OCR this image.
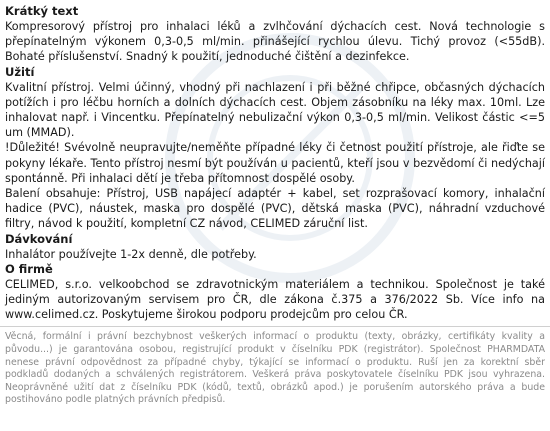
Krátký text

Kompresorový přístroj pro inhalaci léků a zvlhčování dýchacích cest. Nová technologie s přepínatelným výkonem 0,3-0,5 ml/min. přinášející rychlou úlevu. Tichý provoz (<55dB). Bohaté příslušenství. Snadný k použití, jednoduché čištění a dezinfekce.

Užití

Kvalitní přístroj. Velmi účinný, vhodný při nachlazení i při běžné chřipce, občasných dýchacích potížích i pro léčbu horních a dolních dýchacích cest. Objem zásobníku na léky max. 10ml. Lze inhalovat např. i Vincentku. Přepínatelný nebulizační výkon 0,3-0,5 ml/min. Velikost částic <=5 um (MMAD).
!Důležité! Svévolně neupravujte/neměňte případné léky či četnost použití přístroje, ale řiďte se pokyny lékaře. Tento přístroj nesmí být používán u pacientů, kteří jsou v bezvědomí či nedýchají spontánně. Při inhalaci dětí je třeba přítomnost dospělé osoby.
Balení obsahuje: Přístroj, USB napájecí adaptér + kabel, set rozprašovací komory, inhalační hadice (PVC), náustek, maska pro dospělé (PVC), dětská maska (PVC), náhradní vzduchové filtry, návod k použití, kompletní CZ návod, CELIMED záruční list.

Dávkování

Inhalátor používejte 1-2x denně, dle potřeby.

O firmě

CELIMED, s.r.o. velkoobchod se zdravotnickým materiálem a technikou. Společnost je také jediným autorizovaným servisem pro ČR, dle zákona č.375 a 376/2022 Sb. Více info na www.celimed.cz. Poskytujeme širokou podporu prodejcům pro celou ČR.

Věcná, formální i právní bezchybnost veškerých informací o produktu (texty, obrázky, certifikáty kvality a původu...) je garantována osobou, registrující produkt v číselníku PDK (registrátor). Společnost PHARMDATA nenese právní odpovědnost za případné chyby, týkající se informací o produktu. Ruší jen za korektní sběr podkladů dodaných a schválených registrátorem. Veškerá práva poskytovatele číselníku PDK jsou vyhrazena. Neoprávněné užití dat z číselníku PDK (kódů, textů, obrázků apod.) je porušením autorského práva a bude postihováno podle platných právních předpisů.
